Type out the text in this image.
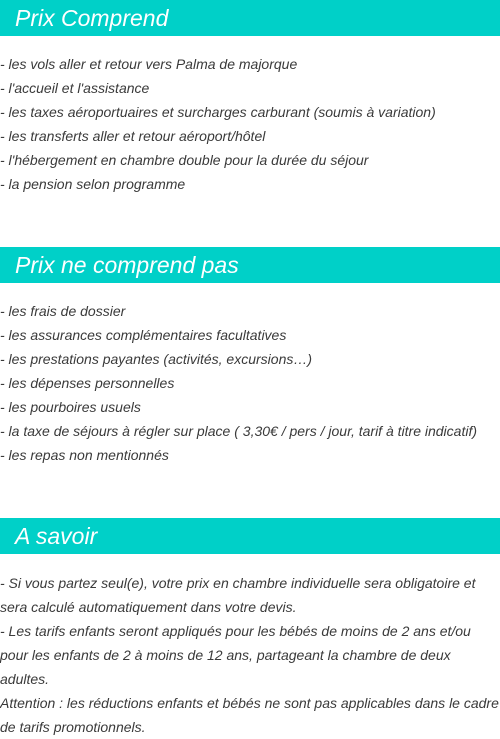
Prix Comprend
- les vols aller et retour vers Palma de majorque
- l'accueil et l'assistance
- les taxes aéroportuaires et surcharges carburant (soumis à variation)
- les transferts aller et retour aéroport/hôtel
- l'hébergement en chambre double pour la durée du séjour
- la pension selon programme
Prix ne comprend pas
- les frais de dossier
- les assurances complémentaires facultatives
- les prestations payantes (activités, excursions…)
- les dépenses personnelles
- les pourboires usuels
- la taxe de séjours à régler sur place ( 3,30€ / pers / jour, tarif à titre indicatif)
- les repas non mentionnés
A savoir

- Si vous partez seul(e), votre prix en chambre individuelle sera obligatoire et sera calculé automatiquement dans votre devis.

- Les tarifs enfants seront appliqués pour les bébés de moins de 2 ans et/ou pour les enfants de 2 à moins de 12 ans, partageant la chambre de deux adultes.

Attention : les réductions enfants et bébés ne sont pas applicables dans le cadre de tarifs promotionnels.
